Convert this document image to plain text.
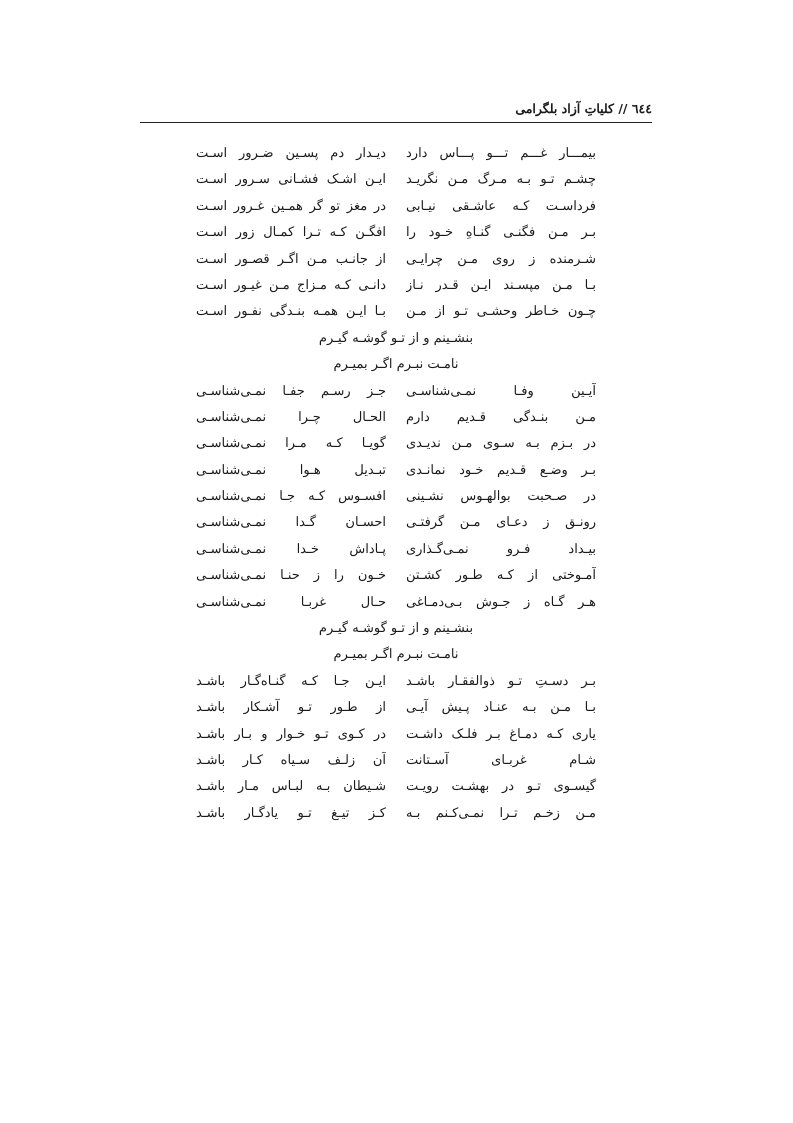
٦٤٤ // کلیاتِ آزاد بلگرامی
بیمـــار غـــم تـــو پـــاس دارد
دیـدار دم پسـین ضـرور اسـت
چشـم تـو بـه مـرگ مـن نگریـد
ایـن اشـک فشـانی سـرور اسـت
فرداسـت کـه عاشـقی نیـابی
در مغز تو گر همـین غـرور اسـت
بـر مـن فگنـی گنـاهِ خـود را
افگـن کـه تـرا کمـال زور اسـت
شـرمنده ز روی مـن چرایـی
از جانـب مـن اگـر قصـور اسـت
بـا مـن مپسـند ایـن قـدر نـاز
دانـی کـه مـزاج مـن غیـور اسـت
چـون خـاطر وحشـی تـو از مـن
بـا ایـن همـه بنـدگی نفـور اسـت
بنشـینم و از تـو گوشـه گیـرم
نامـت نبـرم اگـر بمیـرم
آیـین وفـا نمـی‌شناسـی
جـز رسـم جفـا نمـی‌شناسـی
مـن بنـدگی قـدیم دارم
الحـال چـرا نمـی‌شناسـی
در بـزم بـه سـوی مـن ندیـدی
گویـا کـه مـرا نمـی‌شناسـی
بـر وضـع قـدیم خـود نمانـدی
تبـدیل هـوا نمـی‌شناسـی
در صـحبت بوالهـوس نشـینی
افسـوس کـه جـا نمـی‌شناسـی
رونـق ز دعـای مـن گرفتـی
احسـان گـدا نمـی‌شناسـی
بیـداد فـرو نمـی‌گـذاری
پـاداش خـدا نمـی‌شناسـی
آمـوختی از کـه طـور کشـتن
خـون را ز حنـا نمـی‌شناسـی
هـر گـاه ز جـوش بـی‌دمـاغی
حـال غربـا نمـی‌شناسـی
بنشـینم و از تـو گوشـه گیـرم
نامـت نبـرم اگـر بمیـرم
بـر دسـتِ تـو ذوالفقـار باشـد
ایـن جـا کـه گنـاه‌گـار باشـد
بـا مـن بـه عنـاد پـیش آیـی
از طـور تـو آشـکار باشـد
یاری کـه دمـاغ بـر فلـک داشـت
در کـوی تـو خـوار و بـار باشـد
شـام غربـای آسـتانت
آن زلـف سـیاه کـار باشـد
گیسـوی تـو در بهشـت رویـت
شـیطان بـه لبـاس مـار باشـد
مـن زخـم تـرا نمـی‌کـنم بـه
کـز تیـغ تـو یادگـار باشـد
